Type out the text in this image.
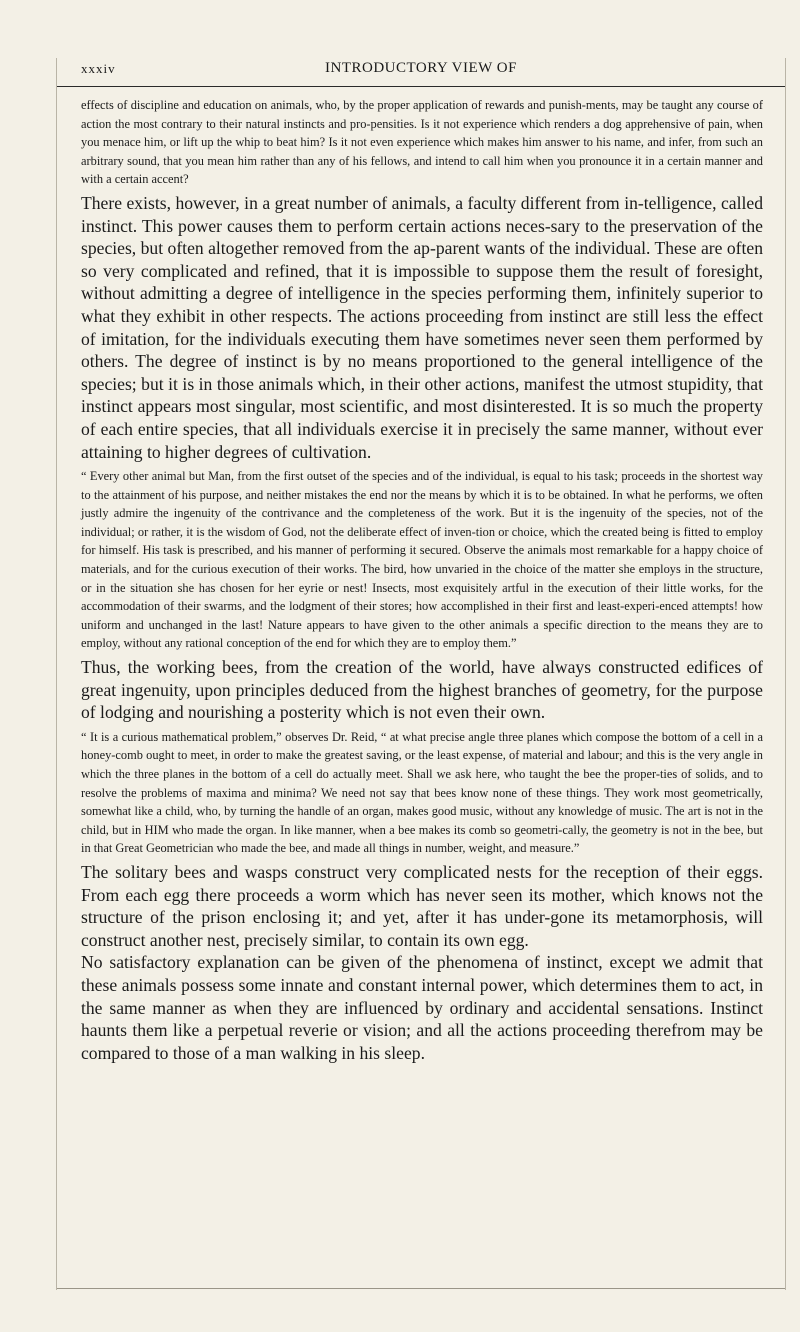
xxxiv	INTRODUCTORY VIEW OF

effects of discipline and education on animals, who, by the proper application of rewards and punish-ments, may be taught any course of action the most contrary to their natural instincts and pro-pensities. Is it not experience which renders a dog apprehensive of pain, when you menace him, or lift up the whip to beat him? Is it not even experience which makes him answer to his name, and infer, from such an arbitrary sound, that you mean him rather than any of his fellows, and intend to call him when you pronounce it in a certain manner and with a certain accent?

There exists, however, in a great number of animals, a faculty different from in-telligence, called instinct. This power causes them to perform certain actions neces-sary to the preservation of the species, but often altogether removed from the ap-parent wants of the individual. These are often so very complicated and refined, that it is impossible to suppose them the result of foresight, without admitting a degree of intelligence in the species performing them, infinitely superior to what they exhibit in other respects. The actions proceeding from instinct are still less the effect of imitation, for the individuals executing them have sometimes never seen them performed by others. The degree of instinct is by no means proportioned to the general intelligence of the species; but it is in those animals which, in their other actions, manifest the utmost stupidity, that instinct appears most singular, most scientific, and most disinterested. It is so much the property of each entire species, that all individuals exercise it in precisely the same manner, without ever attaining to higher degrees of cultivation.

“ Every other animal but Man, from the first outset of the species and of the individual, is equal to his task; proceeds in the shortest way to the attainment of his purpose, and neither mistakes the end nor the means by which it is to be obtained. In what he performs, we often justly admire the ingenuity of the contrivance and the completeness of the work. But it is the ingenuity of the species, not of the individual; or rather, it is the wisdom of God, not the deliberate effect of inven-tion or choice, which the created being is fitted to employ for himself. His task is prescribed, and his manner of performing it secured. Observe the animals most remarkable for a happy choice of materials, and for the curious execution of their works. The bird, how unvaried in the choice of the matter she employs in the structure, or in the situation she has chosen for her eyrie or nest! Insects, most exquisitely artful in the execution of their little works, for the accommodation of their swarms, and the lodgment of their stores; how accomplished in their first and least-experi-enced attempts! how uniform and unchanged in the last! Nature appears to have given to the other animals a specific direction to the means they are to employ, without any rational conception of the end for which they are to employ them.”

Thus, the working bees, from the creation of the world, have always constructed edifices of great ingenuity, upon principles deduced from the highest branches of geometry, for the purpose of lodging and nourishing a posterity which is not even their own.

“ It is a curious mathematical problem,” observes Dr. Reid, “ at what precise angle three planes which compose the bottom of a cell in a honey-comb ought to meet, in order to make the greatest saving, or the least expense, of material and labour; and this is the very angle in which the three planes in the bottom of a cell do actually meet. Shall we ask here, who taught the bee the proper-ties of solids, and to resolve the problems of maxima and minima? We need not say that bees know none of these things. They work most geometrically, somewhat like a child, who, by turning the handle of an organ, makes good music, without any knowledge of music. The art is not in the child, but in HIM who made the organ. In like manner, when a bee makes its comb so geometri-cally, the geometry is not in the bee, but in that Great Geometrician who made the bee, and made all things in number, weight, and measure.”

The solitary bees and wasps construct very complicated nests for the reception of their eggs. From each egg there proceeds a worm which has never seen its mother, which knows not the structure of the prison enclosing it; and yet, after it has under-gone its metamorphosis, will construct another nest, precisely similar, to contain its own egg.

No satisfactory explanation can be given of the phenomena of instinct, except we admit that these animals possess some innate and constant internal power, which determines them to act, in the same manner as when they are influenced by ordinary and accidental sensations. Instinct haunts them like a perpetual reverie or vision; and all the actions proceeding therefrom may be compared to those of a man walking in his sleep.
